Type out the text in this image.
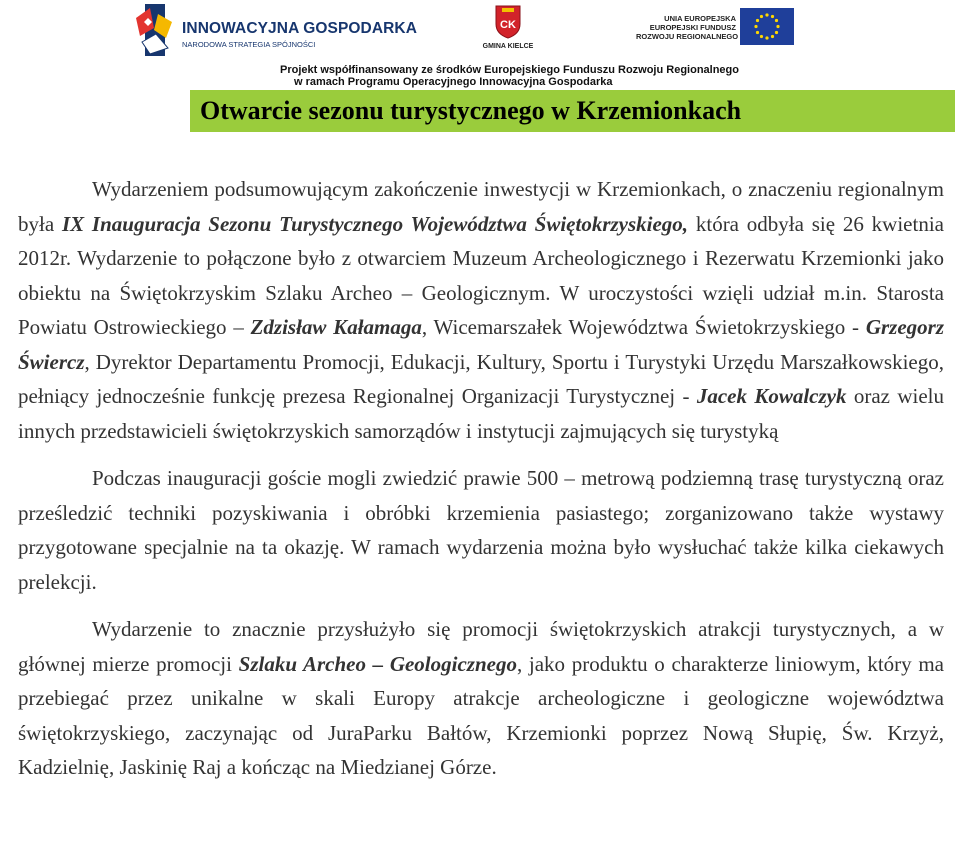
INNOWACYJNA GOSPODARKA
NARODOWA STRATEGIA SPÓJNOŚCI
CK
GMINA KIELCE
UNIA EUROPEJSKA
EUROPEJSKI FUNDUSZ
ROZWOJU REGIONALNEGO
Projekt współfinansowany ze środków Europejskiego Funduszu Rozwoju Regionalnego
w ramach Programu Operacyjnego Innowacyjna Gospodarka
Otwarcie sezonu turystycznego w Krzemionkach

Wydarzeniem podsumowującym zakończenie inwestycji w Krzemionkach, o znaczeniu regionalnym była IX Inauguracja Sezonu Turystycznego Województwa Świętokrzyskiego, która odbyła się 26 kwietnia 2012r. Wydarzenie to połączone było z otwarciem Muzeum Archeologicznego i Rezerwatu Krzemionki jako obiektu na Świętokrzyskim Szlaku Archeo – Geologicznym. W uroczystości wzięli udział m.in. Starosta Powiatu Ostrowieckiego – Zdzisław Kałamaga, Wicemarszałek Województwa Świetokrzyskiego - Grzegorz Świercz, Dyrektor Departamentu Promocji, Edukacji, Kultury, Sportu i Turystyki Urzędu Marszałkowskiego, pełniący jednocześnie funkcję prezesa Regionalnej Organizacji Turystycznej - Jacek Kowalczyk oraz wielu innych przedstawicieli świętokrzyskich samorządów i instytucji zajmujących się turystyką

Podczas inauguracji goście mogli zwiedzić prawie 500 – metrową podziemną trasę turystyczną oraz prześledzić techniki pozyskiwania i obróbki krzemienia pasiastego; zorganizowano także wystawy przygotowane specjalnie na ta okazję. W ramach wydarzenia można było wysłuchać także kilka ciekawych prelekcji.

Wydarzenie to znacznie przysłużyło się promocji świętokrzyskich atrakcji turystycznych, a w głównej mierze promocji Szlaku Archeo – Geologicznego, jako produktu o charakterze liniowym, który ma przebiegać przez unikalne w skali Europy atrakcje archeologiczne i geologiczne województwa świętokrzyskiego, zaczynając od JuraParku Bałtów, Krzemionki poprzez Nową Słupię, Św. Krzyż, Kadzielnię, Jaskinię Raj a kończąc na Miedzianej Górze.
